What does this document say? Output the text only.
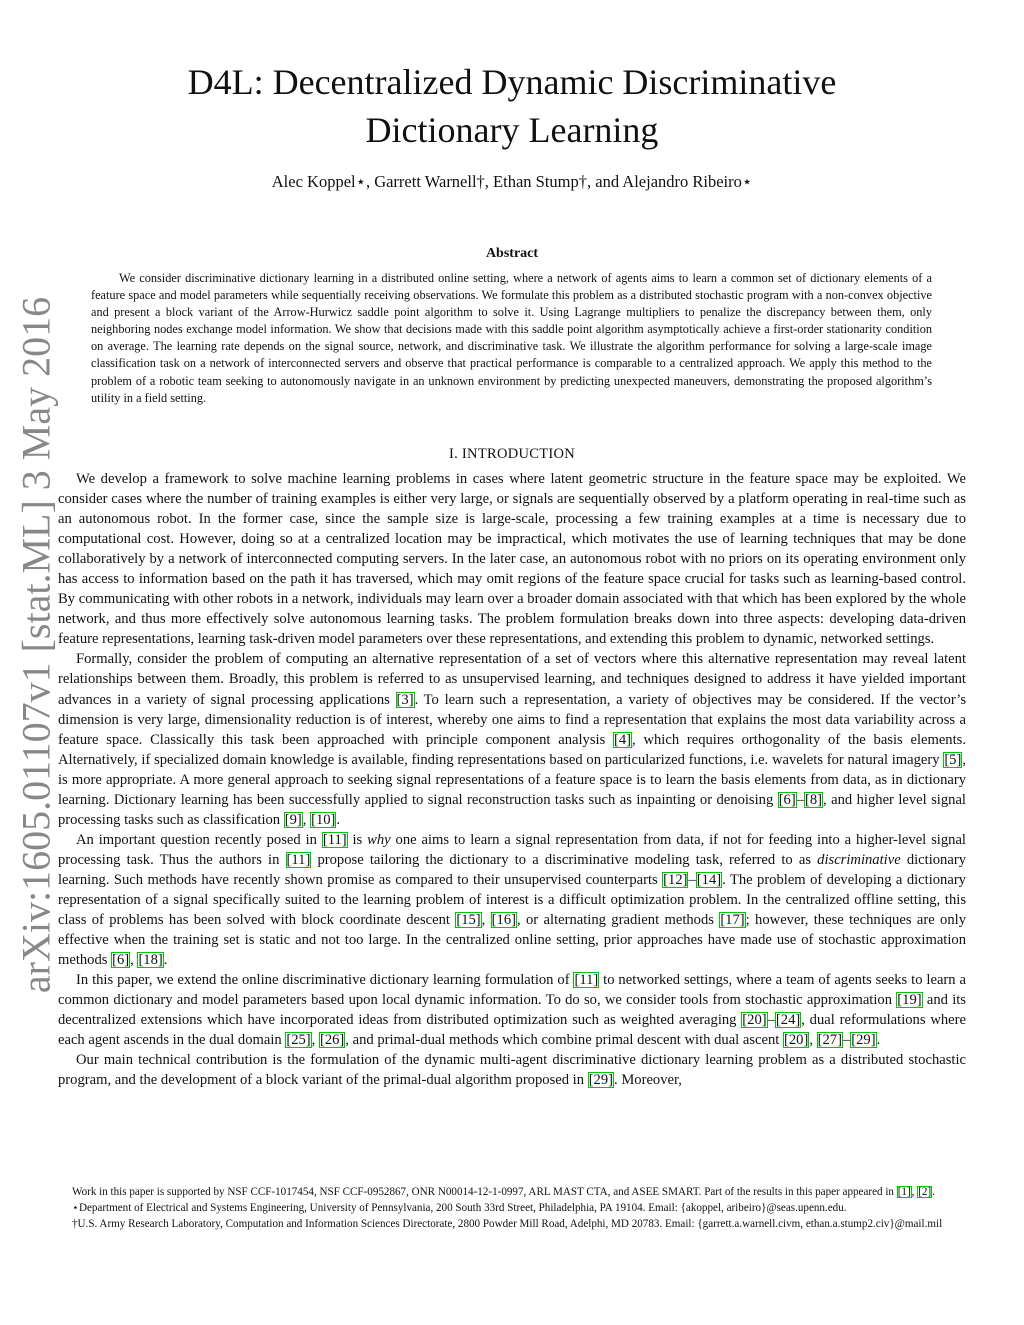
arXiv:1605.01107v1 [stat.ML] 3 May 2016
D4L: Decentralized Dynamic Discriminative
Dictionary Learning
Alec Koppel⋆, Garrett Warnell†, Ethan Stump†, and Alejandro Ribeiro⋆
Abstract

We consider discriminative dictionary learning in a distributed online setting, where a network of agents aims to learn a common set of dictionary elements of a feature space and model parameters while sequentially receiving observations. We formulate this problem as a distributed stochastic program with a non-convex objective and present a block variant of the Arrow-Hurwicz saddle point algorithm to solve it. Using Lagrange multipliers to penalize the discrepancy between them, only neighboring nodes exchange model information. We show that decisions made with this saddle point algorithm asymptotically achieve a first-order stationarity condition on average. The learning rate depends on the signal source, network, and discriminative task. We illustrate the algorithm performance for solving a large-scale image classification task on a network of interconnected servers and observe that practical performance is comparable to a centralized approach. We apply this method to the problem of a robotic team seeking to autonomously navigate in an unknown environment by predicting unexpected maneuvers, demonstrating the proposed algorithm’s utility in a field setting.

I. INTRODUCTION

We develop a framework to solve machine learning problems in cases where latent geometric structure in the feature space may be exploited. We consider cases where the number of training examples is either very large, or signals are sequentially observed by a platform operating in real-time such as an autonomous robot. In the former case, since the sample size is large-scale, processing a few training examples at a time is necessary due to computational cost. However, doing so at a centralized location may be impractical, which motivates the use of learning techniques that may be done collaboratively by a network of interconnected computing servers. In the later case, an autonomous robot with no priors on its operating environment only has access to information based on the path it has traversed, which may omit regions of the feature space crucial for tasks such as learning-based control. By communicating with other robots in a network, individuals may learn over a broader domain associated with that which has been explored by the whole network, and thus more effectively solve autonomous learning tasks. The problem formulation breaks down into three aspects: developing data-driven feature representations, learning task-driven model parameters over these representations, and extending this problem to dynamic, networked settings.

Formally, consider the problem of computing an alternative representation of a set of vectors where this alternative representation may reveal latent relationships between them. Broadly, this problem is referred to as unsupervised learning, and techniques designed to address it have yielded important advances in a variety of signal processing applications [3]. To learn such a representation, a variety of objectives may be considered. If the vector’s dimension is very large, dimensionality reduction is of interest, whereby one aims to find a representation that explains the most data variability across a feature space. Classically this task been approached with principle component analysis [4], which requires orthogonality of the basis elements. Alternatively, if specialized domain knowledge is available, finding representations based on particularized functions, i.e. wavelets for natural imagery [5], is more appropriate. A more general approach to seeking signal representations of a feature space is to learn the basis elements from data, as in dictionary learning. Dictionary learning has been successfully applied to signal reconstruction tasks such as inpainting or denoising [6]–[8], and higher level signal processing tasks such as classification [9], [10].

An important question recently posed in [11] is why one aims to learn a signal representation from data, if not for feeding into a higher-level signal processing task. Thus the authors in [11] propose tailoring the dictionary to a discriminative modeling task, referred to as discriminative dictionary learning. Such methods have recently shown promise as compared to their unsupervised counterparts [12]–[14]. The problem of developing a dictionary representation of a signal specifically suited to the learning problem of interest is a difficult optimization problem. In the centralized offline setting, this class of problems has been solved with block coordinate descent [15], [16], or alternating gradient methods [17]; however, these techniques are only effective when the training set is static and not too large. In the centralized online setting, prior approaches have made use of stochastic approximation methods [6], [18].

In this paper, we extend the online discriminative dictionary learning formulation of [11] to networked settings, where a team of agents seeks to learn a common dictionary and model parameters based upon local dynamic information. To do so, we consider tools from stochastic approximation [19] and its decentralized extensions which have incorporated ideas from distributed optimization such as weighted averaging [20]–[24], dual reformulations where each agent ascends in the dual domain [25], [26], and primal-dual methods which combine primal descent with dual ascent [20], [27]–[29].

Our main technical contribution is the formulation of the dynamic multi-agent discriminative dictionary learning problem as a distributed stochastic program, and the development of a block variant of the primal-dual algorithm proposed in [29]. Moreover,

Work in this paper is supported by NSF CCF-1017454, NSF CCF-0952867, ONR N00014-12-1-0997, ARL MAST CTA, and ASEE SMART. Part of the results in this paper appeared in [1], [2].

⋆Department of Electrical and Systems Engineering, University of Pennsylvania, 200 South 33rd Street, Philadelphia, PA 19104. Email: {akoppel, aribeiro}@seas.upenn.edu.

†U.S. Army Research Laboratory, Computation and Information Sciences Directorate, 2800 Powder Mill Road, Adelphi, MD 20783. Email: {garrett.a.warnell.civm, ethan.a.stump2.civ}@mail.mil
